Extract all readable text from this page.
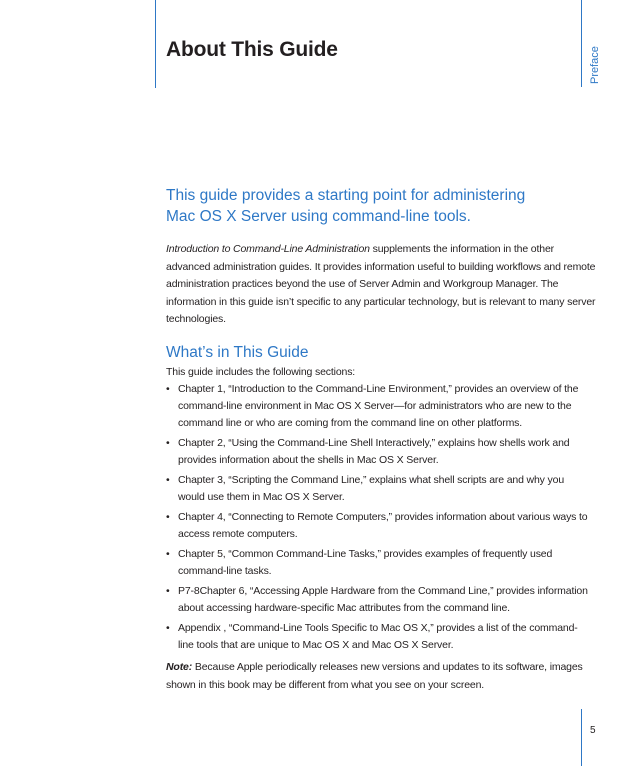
About This Guide	Preface
This guide provides a starting point for administering
Mac OS X Server using command-line tools.

Introduction to Command-Line Administration supplements the information in the other advanced administration guides. It provides information useful to building workflows and remote administration practices beyond the use of Server Admin and Workgroup Manager. The information in this guide isn’t specific to any particular technology, but is relevant to many server technologies.

What’s in This Guide
This guide includes the following sections:
• Chapter 1, “Introduction to the Command-Line Environment,” provides an overview of the command-line environment in Mac OS X Server—for administrators who are new to the command line or who are coming from the command line on other platforms.
• Chapter 2, “Using the Command-Line Shell Interactively,” explains how shells work and provides information about the shells in Mac OS X Server.
• Chapter 3, “Scripting the Command Line,” explains what shell scripts are and why you would use them in Mac OS X Server.
• Chapter 4, “Connecting to Remote Computers,” provides information about various ways to access remote computers.
• Chapter 5, “Common Command-Line Tasks,” provides examples of frequently used command-line tasks.
• P7-8Chapter 6, “Accessing Apple Hardware from the Command Line,” provides information about accessing hardware-specific Mac attributes from the command line.
• Appendix , “Command-Line Tools Specific to Mac OS X,” provides a list of the command-line tools that are unique to Mac OS X and Mac OS X Server.

Note: Because Apple periodically releases new versions and updates to its software, images shown in this book may be different from what you see on your screen.

5
